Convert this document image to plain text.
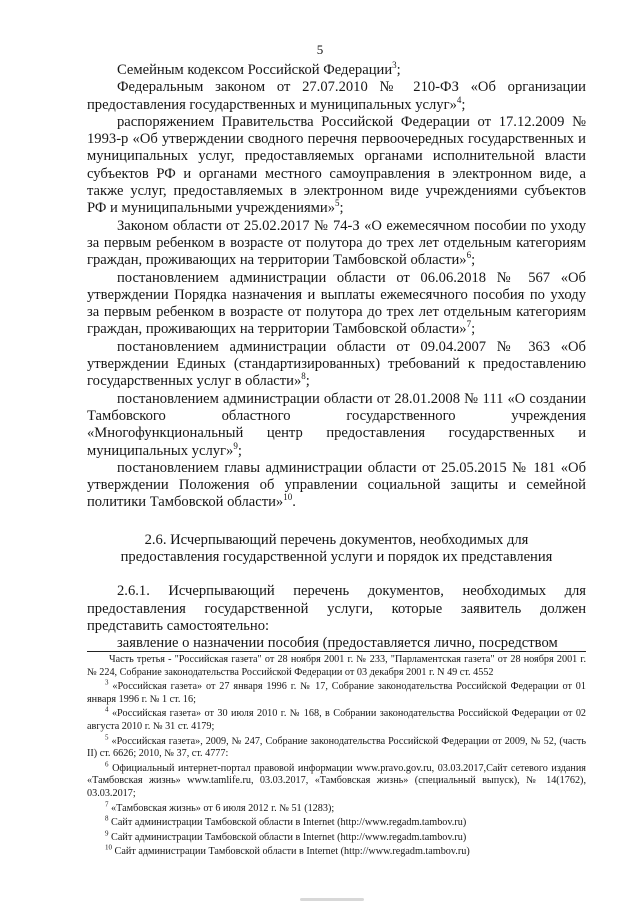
5

Семейным кодексом Российской Федерации$^3$;

Федеральным законом от 27.07.2010 № 210-ФЗ «Об организации предоставления государственных и муниципальных услуг»$^4$;

распоряжением Правительства Российской Федерации от 17.12.2009 № 1993-р «Об утверждении сводного перечня первоочередных государственных и муниципальных услуг, предоставляемых органами исполнительной власти субъектов РФ и органами местного самоуправления в электронном виде, а также услуг, предоставляемых в электронном виде учреждениями субъектов РФ и муниципальными учреждениями»$^5$;

Законом области от 25.02.2017 № 74-З «О ежемесячном пособии по уходу за первым ребенком в возрасте от полутора до трех лет отдельным категориям граждан, проживающих на территории Тамбовской области»$^6$;

постановлением администрации области от 06.06.2018 № 567 «Об утверждении Порядка назначения и выплаты ежемесячного пособия по уходу за первым ребенком в возрасте от полутора до трех лет отдельным категориям граждан, проживающих на территории Тамбовской области»$^7$;

постановлением администрации области от 09.04.2007 № 363 «Об утверждении Единых (стандартизированных) требований к предоставлению государственных услуг в области»$^8$;

постановлением администрации области от 28.01.2008 № 111 «О создании Тамбовского областного государственного учреждения «Многофункциональный центр предоставления государственных и муниципальных услуг»$^9$;

постановлением главы администрации области от 25.05.2015 № 181 «Об утверждении Положения об управлении социальной защиты и семейной политики Тамбовской области»$^{10}$.

2.6. Исчерпывающий перечень документов, необходимых для
предоставления государственной услуги и порядок их представления

2.6.1. Исчерпывающий перечень документов, необходимых для предоставления государственной услуги, которые заявитель должен представить самостоятельно:

заявление о назначении пособия (предоставляется лично, посредством

Часть третья - "Российская газета" от 28 ноября 2001 г. № 233, "Парламентская газета" от 28 ноября 2001 г. № 224, Собрание законодательства Российской Федерации от 03 декабря 2001 г. N 49 ст. 4552

$^3$ «Российская газета» от 27 января 1996 г. № 17, Собрание законодательства Российской Федерации от 01 января 1996 г. № 1 ст. 16;

$^4$ «Российская газета» от 30 июля 2010 г. № 168, в Собрании законодательства Российской Федерации от 02 августа 2010 г. № 31 ст. 4179;

$^5$ «Российская газета», 2009, № 247, Собрание законодательства Российской Федерации от 2009, № 52, (часть II) ст. 6626; 2010, № 37, ст. 4777:

$^6$ Официальный интернет-портал правовой информации www.pravo.gov.ru, 03.03.2017,Сайт сетевого издания «Тамбовская жизнь» www.tamlife.ru, 03.03.2017, «Тамбовская жизнь» (специальный выпуск), № 14(1762), 03.03.2017;

$^7$ «Тамбовская жизнь» от 6 июля 2012 г. № 51 (1283);

$^8$ Сайт администрации Тамбовской области в Internet (http://www.regadm.tambov.ru)

$^9$ Сайт администрации Тамбовской области в Internet (http://www.regadm.tambov.ru)

$^{10}$ Сайт администрации Тамбовской области в Internet (http://www.regadm.tambov.ru)
